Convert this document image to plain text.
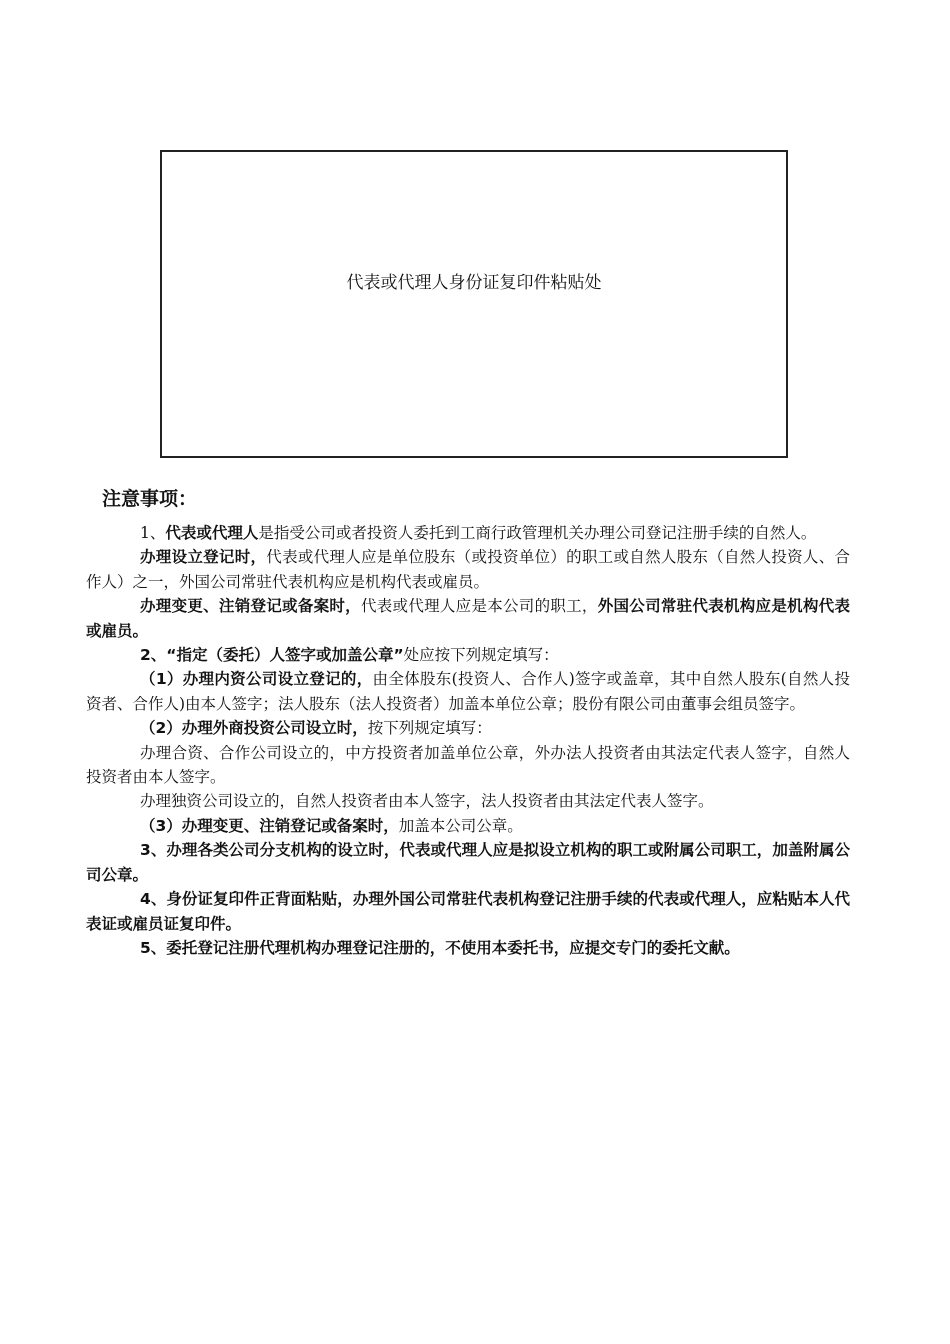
代表或代理人身份证复印件粘贴处
注意事项：

1、代表或代理人是指受公司或者投资人委托到工商行政管理机关办理公司登记注册手续的自然人。

办理设立登记时，代表或代理人应是单位股东（或投资单位）的职工或自然人股东（自然人投资人、合作人）之一，外国公司常驻代表机构应是机构代表或雇员。

办理变更、注销登记或备案时，代表或代理人应是本公司的职工，外国公司常驻代表机构应是机构代表或雇员。

2、“指定（委托）人签字或加盖公章”处应按下列规定填写：

（1）办理内资公司设立登记的，由全体股东(投资人、合作人)签字或盖章，其中自然人股东(自然人投资者、合作人)由本人签字；法人股东（法人投资者）加盖本单位公章；股份有限公司由董事会组员签字。

（2）办理外商投资公司设立时，按下列规定填写：

办理合资、合作公司设立的，中方投资者加盖单位公章，外办法人投资者由其法定代表人签字，自然人投资者由本人签字。

办理独资公司设立的，自然人投资者由本人签字，法人投资者由其法定代表人签字。

（3）办理变更、注销登记或备案时，加盖本公司公章。

3、办理各类公司分支机构的设立时，代表或代理人应是拟设立机构的职工或附属公司职工，加盖附属公司公章。

4、身份证复印件正背面粘贴，办理外国公司常驻代表机构登记注册手续的代表或代理人，应粘贴本人代表证或雇员证复印件。

5、委托登记注册代理机构办理登记注册的，不使用本委托书，应提交专门的委托文献。
